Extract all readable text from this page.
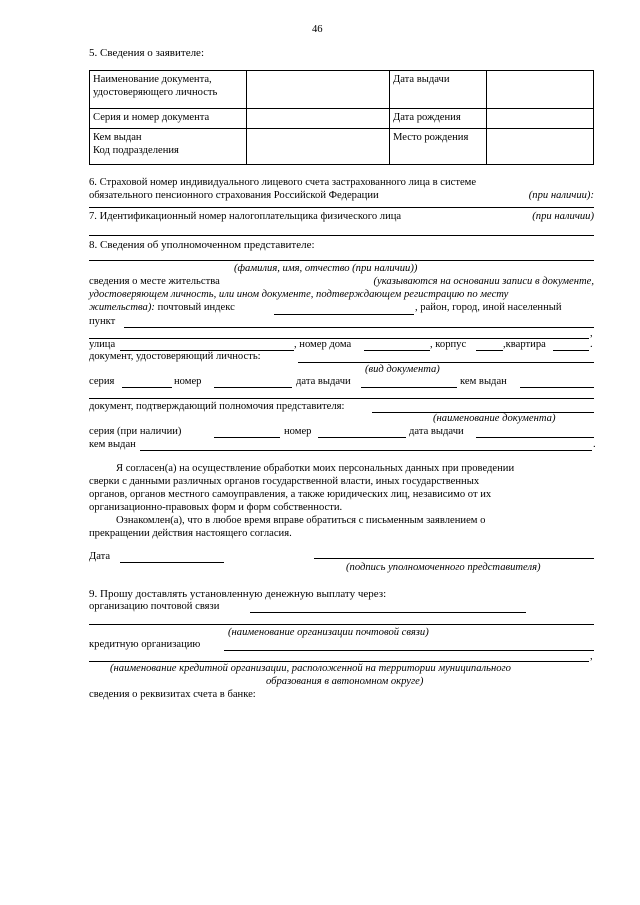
46
5. Сведения о заявителе:
Наименование документа, удостоверяющего личность		Дата выдачи	
Серия и номер документа		Дата рождения	

Кем выдан
Код подразделения		Место рождения	
6. Страховой номер индивидуального лицевого счета застрахованного лица в системе
обязательного пенсионного страхования Российской Федерации	(при наличии):
7. Идентификационный номер налогоплательщика физического лица	(при наличии)
8. Сведения об уполномоченном представителе:
(фамилия, имя, отчество (при наличии))
сведения о месте жительства	(указываются на основании записи в документе,
удостоверяющем личность, или ином документе, подтверждающем регистрацию по месту
жительства): почтовый индекс	, район, город, иной населенный
пункт
,
улица	, номер дома	, корпус	,квартира	.
документ, удостоверяющий личность:
(вид документа)
серия	номер	дата выдачи	кем выдан
документ, подтверждающий полномочия представителя:
(наименование документа)
серия (при наличии)	номер	дата выдачи
кем выдан	.
Я согласен(а) на осуществление обработки моих персональных данных при проведении
сверки с данными различных органов государственной власти, иных государственных
органов, органов местного самоуправления, а также юридических лиц, независимо от их
организационно-правовых форм и форм собственности.
Ознакомлен(а), что в любое время вправе обратиться с письменным заявлением о
прекращении действия настоящего согласия.
Дата
(подпись уполномоченного представителя)
9. Прошу доставлять установленную денежную выплату через:
организацию почтовой связи
(наименование организации почтовой связи)
кредитную организацию
,
(наименование кредитной организации, расположенной на территории муниципального
образования в автономном округе)
сведения о реквизитах счета в банке:
